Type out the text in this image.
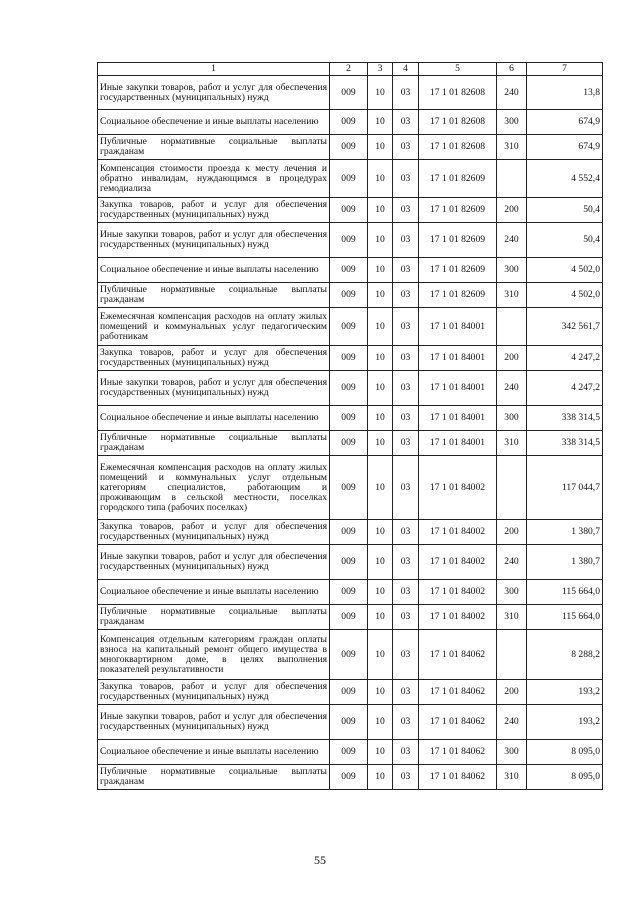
1	2	3	4	5	6	7
Иные закупки товаров, работ и услуг для обеспечения государственных (муниципальных) нужд	009	10	03	17 1 01 82608	240	13,8
Социальное обеспечение и иные выплаты населению	009	10	03	17 1 01 82608	300	674,9
Публичные нормативные социальные выплаты гражданам	009	10	03	17 1 01 82608	310	674,9
Компенсация стоимости проезда к месту лечения и обратно инвалидам, нуждающимся в процедурах гемодиализа	009	10	03	17 1 01 82609		4 552,4
Закупка товаров, работ и услуг для обеспечения государственных (муниципальных) нужд	009	10	03	17 1 01 82609	200	50,4
Иные закупки товаров, работ и услуг для обеспечения государственных (муниципальных) нужд	009	10	03	17 1 01 82609	240	50,4
Социальное обеспечение и иные выплаты населению	009	10	03	17 1 01 82609	300	4 502,0
Публичные нормативные социальные выплаты гражданам	009	10	03	17 1 01 82609	310	4 502,0
Ежемесячная компенсация расходов на оплату жилых помещений и коммунальных услуг педагогическим работникам	009	10	03	17 1 01 84001		342 561,7
Закупка товаров, работ и услуг для обеспечения государственных (муниципальных) нужд	009	10	03	17 1 01 84001	200	4 247,2
Иные закупки товаров, работ и услуг для обеспечения государственных (муниципальных) нужд	009	10	03	17 1 01 84001	240	4 247,2
Социальное обеспечение и иные выплаты населению	009	10	03	17 1 01 84001	300	338 314,5
Публичные нормативные социальные выплаты гражданам	009	10	03	17 1 01 84001	310	338 314,5
Ежемесячная компенсация расходов на оплату жилых помещений и коммунальных услуг отдельным категориям специалистов, работающим и проживающим в сельской местности, поселках городского типа (рабочих поселках)	009	10	03	17 1 01 84002		117 044,7
Закупка товаров, работ и услуг для обеспечения государственных (муниципальных) нужд	009	10	03	17 1 01 84002	200	1 380,7
Иные закупки товаров, работ и услуг для обеспечения государственных (муниципальных) нужд	009	10	03	17 1 01 84002	240	1 380,7
Социальное обеспечение и иные выплаты населению	009	10	03	17 1 01 84002	300	115 664,0
Публичные нормативные социальные выплаты гражданам	009	10	03	17 1 01 84002	310	115 664,0
Компенсация отдельным категориям граждан оплаты взноса на капитальный ремонт общего имущества в многоквартирном доме, в целях выполнения показателей результативности	009	10	03	17 1 01 84062		8 288,2
Закупка товаров, работ и услуг для обеспечения государственных (муниципальных) нужд	009	10	03	17 1 01 84062	200	193,2
Иные закупки товаров, работ и услуг для обеспечения государственных (муниципальных) нужд	009	10	03	17 1 01 84062	240	193,2
Социальное обеспечение и иные выплаты населению	009	10	03	17 1 01 84062	300	8 095,0
Публичные нормативные социальные выплаты гражданам	009	10	03	17 1 01 84062	310	8 095,0
55
